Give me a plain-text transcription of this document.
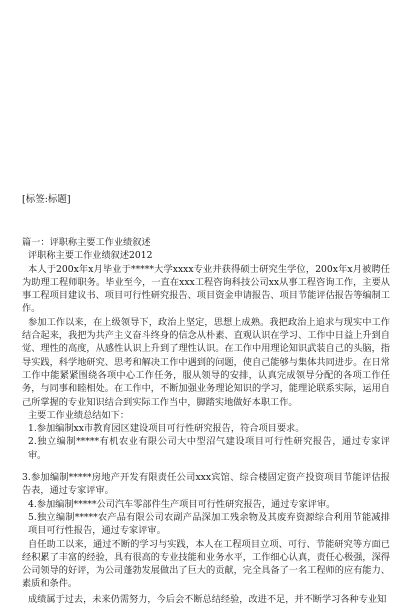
[标签:标题]

篇一：评职称主要工作业绩叙述

评职称主要工作业绩叙述2012

本人于200x年x月毕业于*****大学xxxx专业并获得硕士研究生学位，200x年x月被聘任为助理工程师职务。毕业至今，一直在xxx工程咨询科技公司xx从事工程咨询工作，主要从事工程项目建议书、项目可行性研究报告、项目资金申请报告、项目节能评估报告等编制工作。

参加工作以来，在上级领导下，政治上坚定，思想上成熟。我把政治上追求与现实中工作结合起来，我把为共产主义奋斗终身的信念从朴素、直观认识在学习、工作中日益上升到自觉、理性的高度，从感性认识上升到了理性认识。在工作中用理论知识武装自己的头脑，指导实践，科学地研究、思考和解决工作中遇到的问题，使自己能够与集体共同进步。在日常工作中能紧紧围绕各项中心工作任务，服从领导的安排，认真完成领导分配的各项工作任务，与同事和睦相处。在工作中，不断加强业务理论知识的学习，能理论联系实际，运用自己所掌握的专业知识结合到实际工作当中，脚踏实地做好本职工作。

主要工作业绩总结如下：

1.参加编制xx市教育园区建设项目可行性研究报告，符合项目要求。

2.独立编制*****有机农业有限公司大中型沼气建设项目可行性研究报告，通过专家评审。

3.参加编制*****房地产开发有限责任公司xxx宾馆、综合楼固定资产投资项目节能评估报告表，通过专家评审。

4.参加编制*****公司汽车零部件生产项目可行性研究报告，通过专家评审。

5.独立编制*****农产品有限公司农副产品深加工残余物及其废弃资源综合利用节能减排项目可行性报告，通过专家评审。

自任助工以来，通过不断的学习与实践，本人在工程项目立项、可行、节能研究等方面已经积累了丰富的经验，具有很高的专业技能和业务水平，工作细心认真，责任心极强，深得公司领导的好评，为公司蓬勃发展做出了巨大的贡献，完全具备了一名工程师的应有能力、素质和条件。

成绩属于过去，未来仍需努力，今后会不断总结经验，改进不足，并不断学习各种专业知
